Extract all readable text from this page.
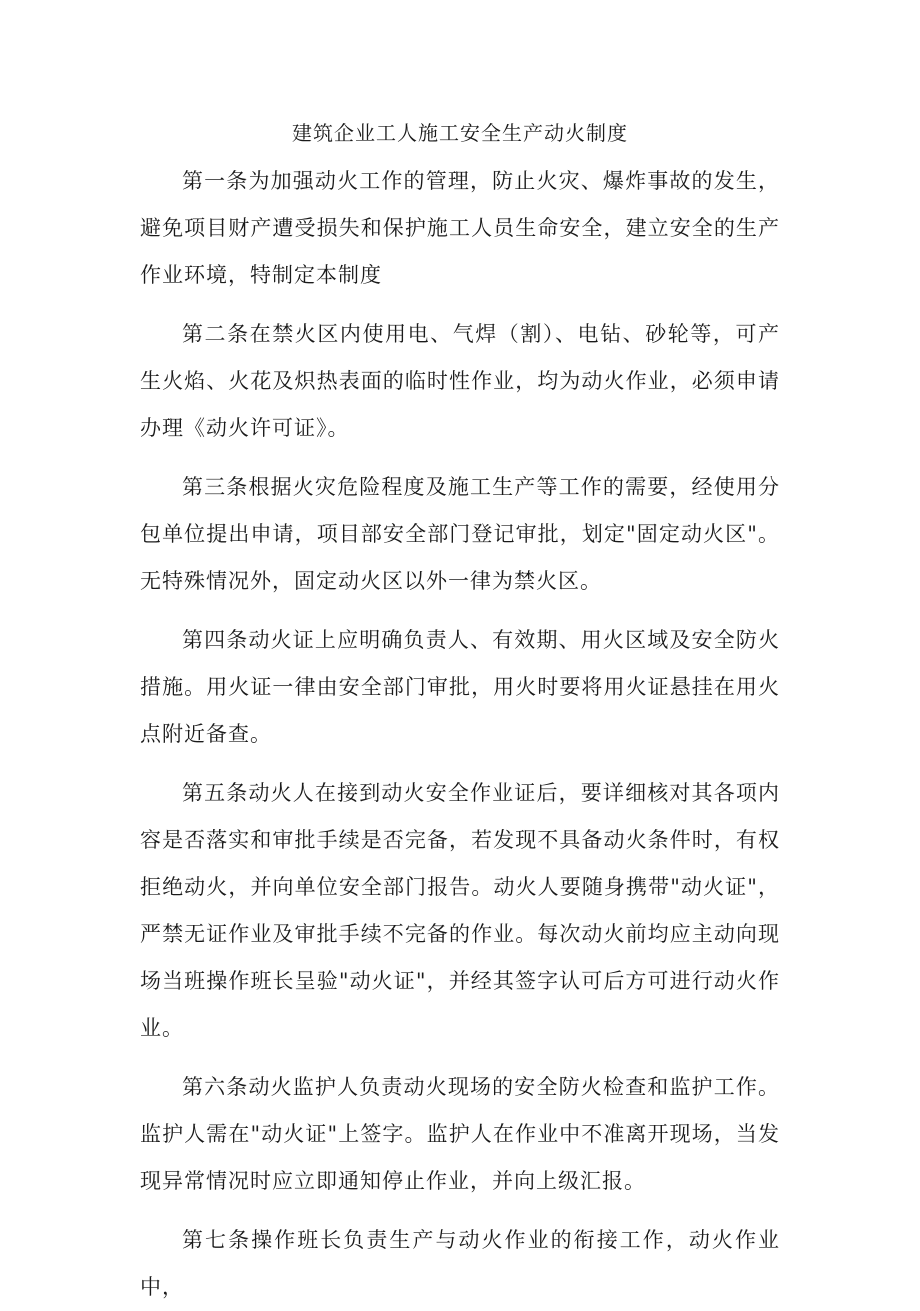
建筑企业工人施工安全生产动火制度

第一条为加强动火工作的管理，防止火灾、爆炸事故的发生，避免项目财产遭受损失和保护施工人员生命安全，建立安全的生产作业环境，特制定本制度

第二条在禁火区内使用电、气焊（割）、电钻、砂轮等，可产生火焰、火花及炽热表面的临时性作业，均为动火作业，必须申请办理《动火许可证》。

第三条根据火灾危险程度及施工生产等工作的需要，经使用分包单位提出申请，项目部安全部门登记审批，划定"固定动火区"。无特殊情况外，固定动火区以外一律为禁火区。

第四条动火证上应明确负责人、有效期、用火区域及安全防火措施。用火证一律由安全部门审批，用火时要将用火证悬挂在用火点附近备查。

第五条动火人在接到动火安全作业证后，要详细核对其各项内容是否落实和审批手续是否完备，若发现不具备动火条件时，有权拒绝动火，并向单位安全部门报告。动火人要随身携带"动火证"，严禁无证作业及审批手续不完备的作业。每次动火前均应主动向现场当班操作班长呈验"动火证"，并经其签字认可后方可进行动火作业。

第六条动火监护人负责动火现场的安全防火检查和监护工作。监护人需在"动火证"上签字。监护人在作业中不准离开现场，当发现异常情况时应立即通知停止作业，并向上级汇报。

第七条操作班长负责生产与动火作业的衔接工作，动火作业中，
